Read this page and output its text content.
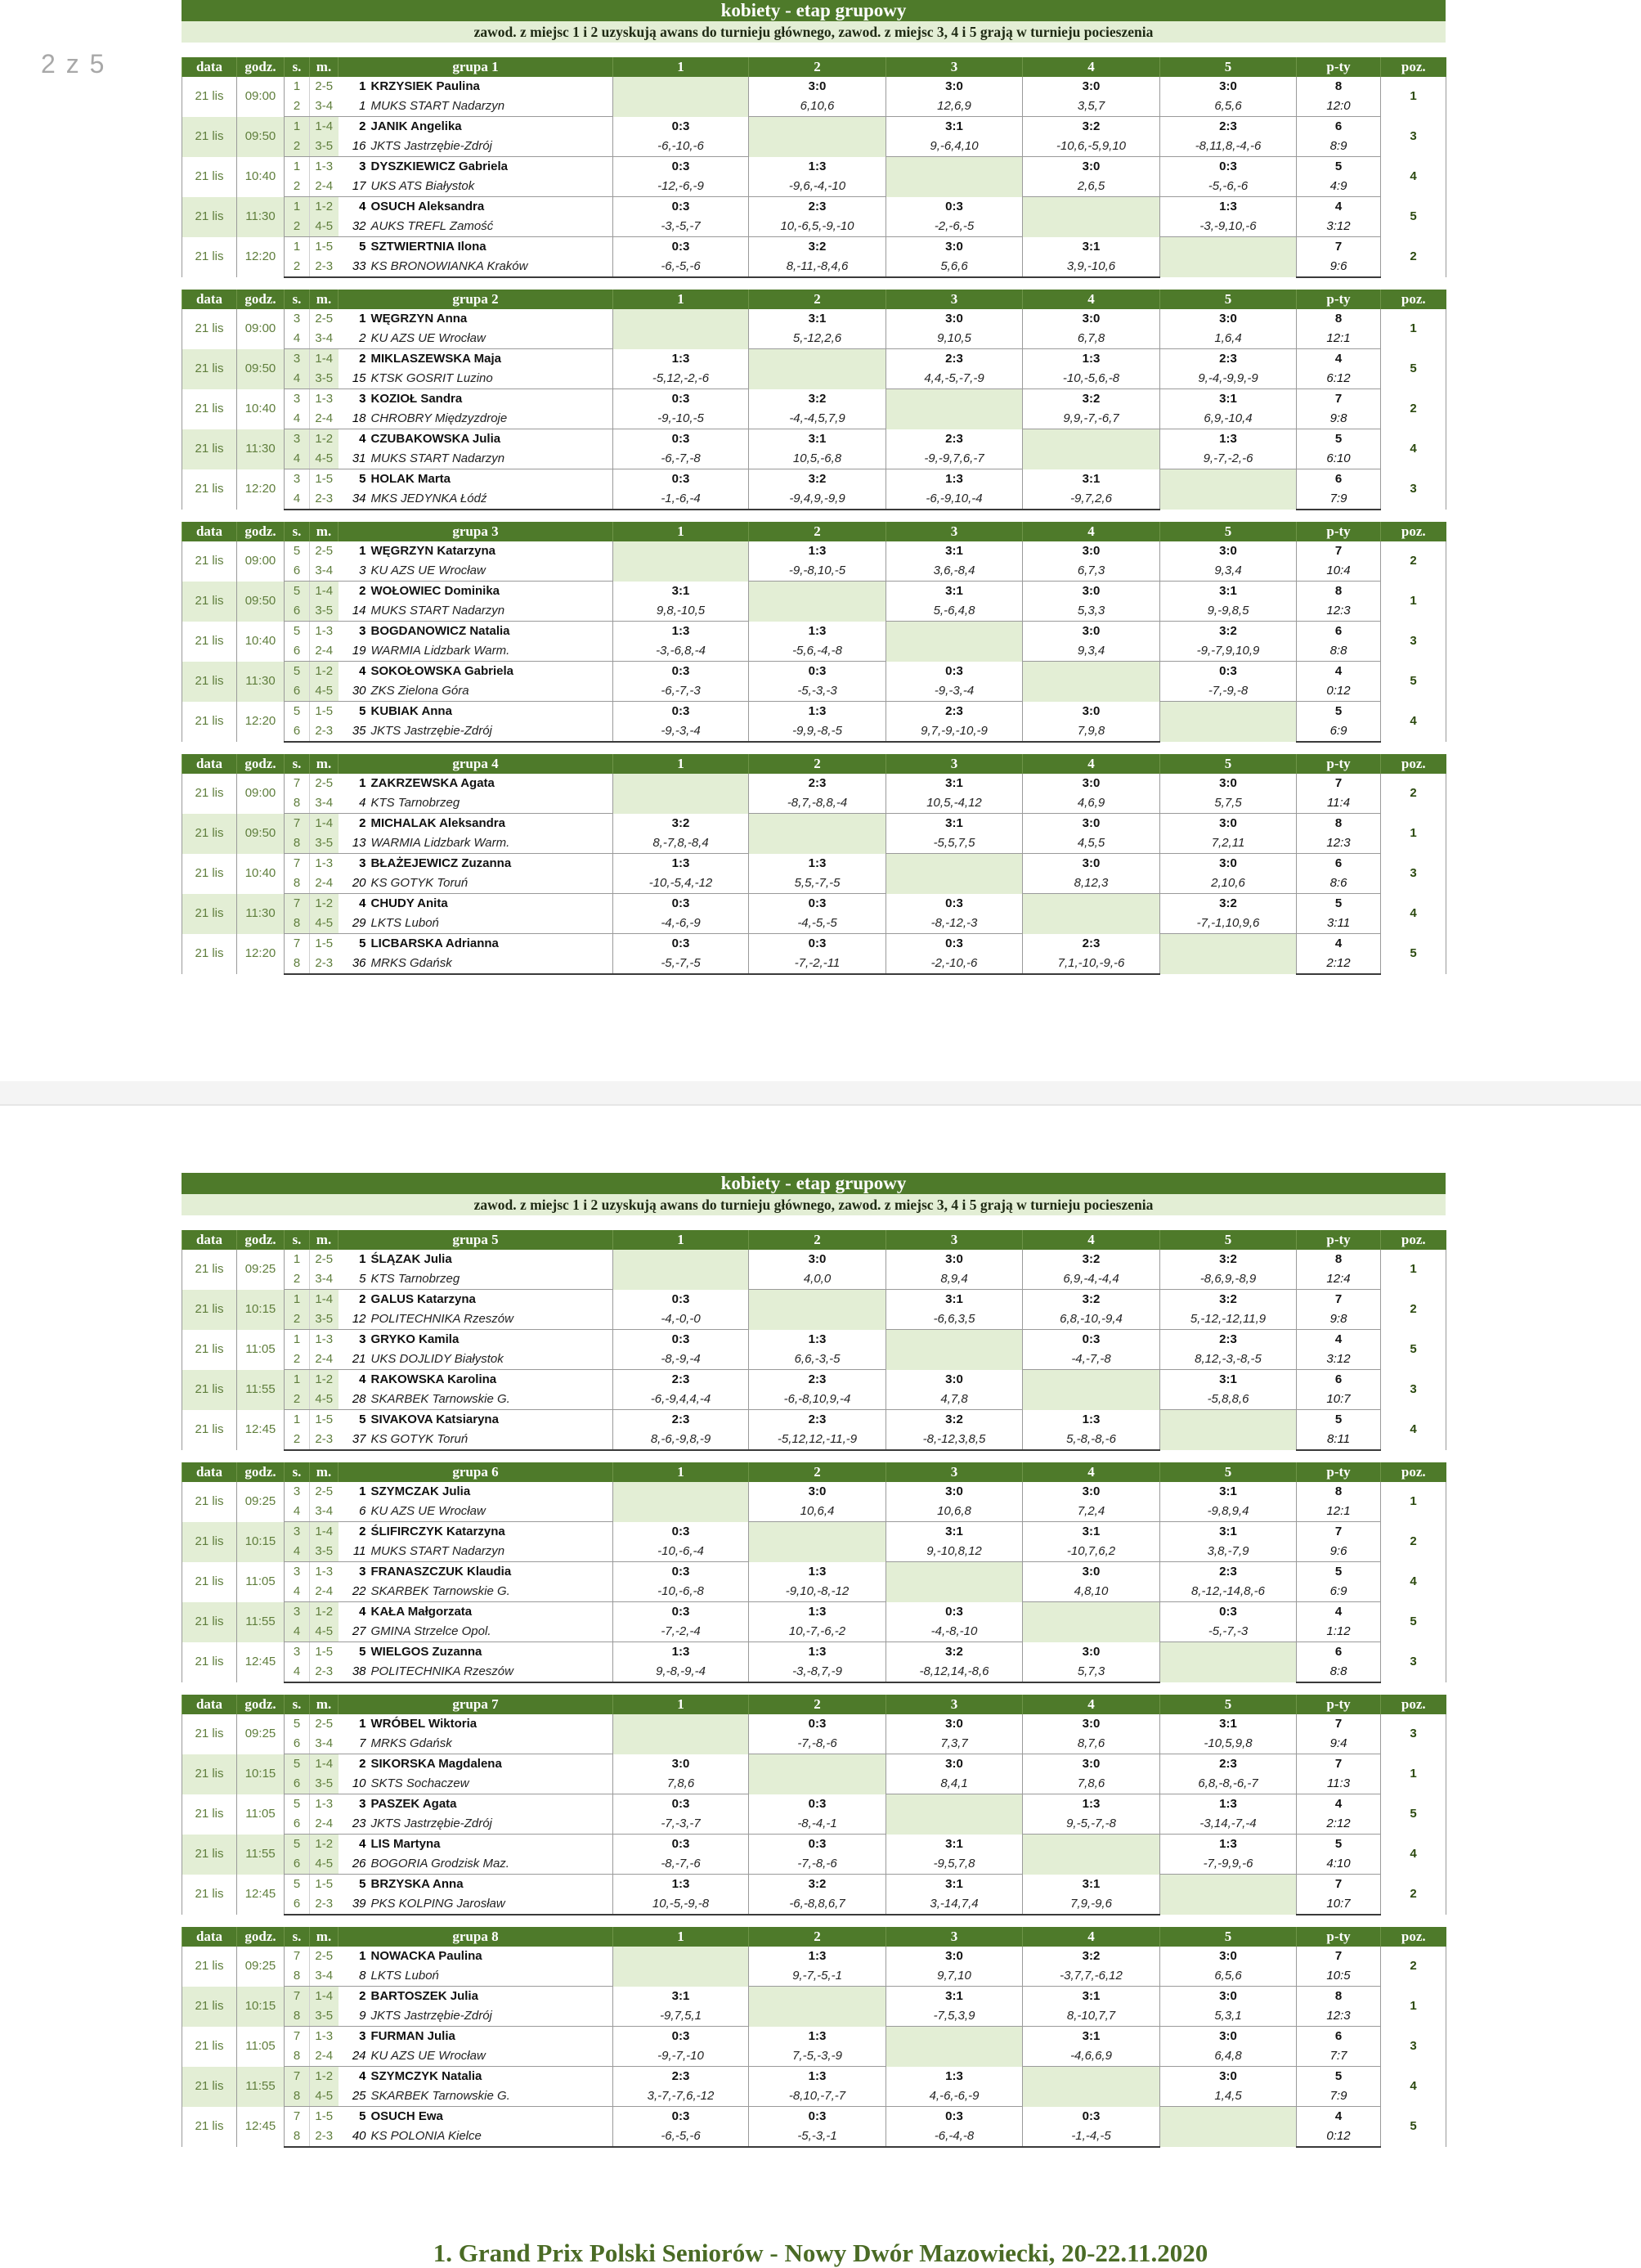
2 z 5
kobiety - etap grupowy
zawod. z miejsc 1 i 2 uzyskują awans do turnieju głównego, zawod. z miejsc 3, 4 i 5 grają w turnieju pocieszenia
data	godz.	s.	m.	grupa 1	1	2	3	4	5	p-ty	poz.
21 lis	09:00	1	2-5	1 KRZYSIEK Paulina		3:0	3:0	3:0	3:0	8	1
		2	3-4	1 MUKS START Nadarzyn		6,10,6	12,6,9	3,5,7	6,5,6	12:0	
21 lis	09:50	1	1-4	2 JANIK Angelika	0:3		3:1	3:2	2:3	6	3
		2	3-5	16 JKTS Jastrzębie-Zdrój	-6,-10,-6		9,-6,4,10	-10,6,-5,9,10	-8,11,8,-4,-6	8:9	
21 lis	10:40	1	1-3	3 DYSZKIEWICZ Gabriela	0:3	1:3		3:0	0:3	5	4
		2	2-4	17 UKS ATS Białystok	-12,-6,-9	-9,6,-4,-10		2,6,5	-5,-6,-6	4:9	
21 lis	11:30	1	1-2	4 OSUCH Aleksandra	0:3	2:3	0:3		1:3	4	5
		2	4-5	32 AUKS TREFL Zamość	-3,-5,-7	10,-6,5,-9,-10	-2,-6,-5		-3,-9,10,-6	3:12	
21 lis	12:20	1	1-5	5 SZTWIERTNIA Ilona	0:3	3:2	3:0	3:1		7	2
		2	2-3	33 KS BRONOWIANKA Kraków	-6,-5,-6	8,-11,-8,4,6	5,6,6	3,9,-10,6		9:6	
data	godz.	s.	m.	grupa 2	1	2	3	4	5	p-ty	poz.
21 lis	09:00	3	2-5	1 WĘGRZYN Anna		3:1	3:0	3:0	3:0	8	1
		4	3-4	2 KU AZS UE Wrocław		5,-12,2,6	9,10,5	6,7,8	1,6,4	12:1	
21 lis	09:50	3	1-4	2 MIKLASZEWSKA Maja	1:3		2:3	1:3	2:3	4	5
		4	3-5	15 KTSK GOSRIT Luzino	-5,12,-2,-6		4,4,-5,-7,-9	-10,-5,6,-8	9,-4,-9,9,-9	6:12	
21 lis	10:40	3	1-3	3 KOZIOŁ Sandra	0:3	3:2		3:2	3:1	7	2
		4	2-4	18 CHROBRY Międzyzdroje	-9,-10,-5	-4,-4,5,7,9		9,9,-7,-6,7	6,9,-10,4	9:8	
21 lis	11:30	3	1-2	4 CZUBAKOWSKA Julia	0:3	3:1	2:3		1:3	5	4
		4	4-5	31 MUKS START Nadarzyn	-6,-7,-8	10,5,-6,8	-9,-9,7,6,-7		9,-7,-2,-6	6:10	
21 lis	12:20	3	1-5	5 HOLAK Marta	0:3	3:2	1:3	3:1		6	3
		4	2-3	34 MKS JEDYNKA Łódź	-1,-6,-4	-9,4,9,-9,9	-6,-9,10,-4	-9,7,2,6		7:9	
data	godz.	s.	m.	grupa 3	1	2	3	4	5	p-ty	poz.
21 lis	09:00	5	2-5	1 WĘGRZYN Katarzyna		1:3	3:1	3:0	3:0	7	2
		6	3-4	3 KU AZS UE Wrocław		-9,-8,10,-5	3,6,-8,4	6,7,3	9,3,4	10:4	
21 lis	09:50	5	1-4	2 WOŁOWIEC Dominika	3:1		3:1	3:0	3:1	8	1
		6	3-5	14 MUKS START Nadarzyn	9,8,-10,5		5,-6,4,8	5,3,3	9,-9,8,5	12:3	
21 lis	10:40	5	1-3	3 BOGDANOWICZ Natalia	1:3	1:3		3:0	3:2	6	3
		6	2-4	19 WARMIA Lidzbark Warm.	-3,-6,8,-4	-5,6,-4,-8		9,3,4	-9,-7,9,10,9	8:8	
21 lis	11:30	5	1-2	4 SOKOŁOWSKA Gabriela	0:3	0:3	0:3		0:3	4	5
		6	4-5	30 ZKS Zielona Góra	-6,-7,-3	-5,-3,-3	-9,-3,-4		-7,-9,-8	0:12	
21 lis	12:20	5	1-5	5 KUBIAK Anna	0:3	1:3	2:3	3:0		5	4
		6	2-3	35 JKTS Jastrzębie-Zdrój	-9,-3,-4	-9,9,-8,-5	9,7,-9,-10,-9	7,9,8		6:9	
data	godz.	s.	m.	grupa 4	1	2	3	4	5	p-ty	poz.
21 lis	09:00	7	2-5	1 ZAKRZEWSKA Agata		2:3	3:1	3:0	3:0	7	2
		8	3-4	4 KTS Tarnobrzeg		-8,7,-8,8,-4	10,5,-4,12	4,6,9	5,7,5	11:4	
21 lis	09:50	7	1-4	2 MICHALAK Aleksandra	3:2		3:1	3:0	3:0	8	1
		8	3-5	13 WARMIA Lidzbark Warm.	8,-7,8,-8,4		-5,5,7,5	4,5,5	7,2,11	12:3	
21 lis	10:40	7	1-3	3 BŁAŻEJEWICZ Zuzanna	1:3	1:3		3:0	3:0	6	3
		8	2-4	20 KS GOTYK Toruń	-10,-5,4,-12	5,5,-7,-5		8,12,3	2,10,6	8:6	
21 lis	11:30	7	1-2	4 CHUDY Anita	0:3	0:3	0:3		3:2	5	4
		8	4-5	29 LKTS Luboń	-4,-6,-9	-4,-5,-5	-8,-12,-3		-7,-1,10,9,6	3:11	
21 lis	12:20	7	1-5	5 LICBARSKA Adrianna	0:3	0:3	0:3	2:3		4	5
		8	2-3	36 MRKS Gdańsk	-5,-7,-5	-7,-2,-11	-2,-10,-6	7,1,-10,-9,-6		2:12	
1. Grand Prix Polski Seniorów - Nowy Dwór Mazowiecki, 20-22.11.2020
kobiety - etap grupowy
zawod. z miejsc 1 i 2 uzyskują awans do turnieju głównego, zawod. z miejsc 3, 4 i 5 grają w turnieju pocieszenia
data	godz.	s.	m.	grupa 5	1	2	3	4	5	p-ty	poz.
21 lis	09:25	1	2-5	1 ŚLĄZAK Julia		3:0	3:0	3:2	3:2	8	1
		2	3-4	5 KTS Tarnobrzeg		4,0,0	8,9,4	6,9,-4,-4,4	-8,6,9,-8,9	12:4	
21 lis	10:15	1	1-4	2 GALUS Katarzyna	0:3		3:1	3:2	3:2	7	2
		2	3-5	12 POLITECHNIKA Rzeszów	-4,-0,-0		-6,6,3,5	6,8,-10,-9,4	5,-12,-12,11,9	9:8	
21 lis	11:05	1	1-3	3 GRYKO Kamila	0:3	1:3		0:3	2:3	4	5
		2	2-4	21 UKS DOJLIDY Białystok	-8,-9,-4	6,6,-3,-5		-4,-7,-8	8,12,-3,-8,-5	3:12	
21 lis	11:55	1	1-2	4 RAKOWSKA Karolina	2:3	2:3	3:0		3:1	6	3
		2	4-5	28 SKARBEK Tarnowskie G.	-6,-9,4,4,-4	-6,-8,10,9,-4	4,7,8		-5,8,8,6	10:7	
21 lis	12:45	1	1-5	5 SIVAKOVA Katsiaryna	2:3	2:3	3:2	1:3		5	4
		2	2-3	37 KS GOTYK Toruń	8,-6,-9,8,-9	-5,12,12,-11,-9	-8,-12,3,8,5	5,-8,-8,-6		8:11	
data	godz.	s.	m.	grupa 6	1	2	3	4	5	p-ty	poz.
21 lis	09:25	3	2-5	1 SZYMCZAK Julia		3:0	3:0	3:0	3:1	8	1
		4	3-4	6 KU AZS UE Wrocław		10,6,4	10,6,8	7,2,4	-9,8,9,4	12:1	
21 lis	10:15	3	1-4	2 ŚLIFIRCZYK Katarzyna	0:3		3:1	3:1	3:1	7	2
		4	3-5	11 MUKS START Nadarzyn	-10,-6,-4		9,-10,8,12	-10,7,6,2	3,8,-7,9	9:6	
21 lis	11:05	3	1-3	3 FRANASZCZUK Klaudia	0:3	1:3		3:0	2:3	5	4
		4	2-4	22 SKARBEK Tarnowskie G.	-10,-6,-8	-9,10,-8,-12		4,8,10	8,-12,-14,8,-6	6:9	
21 lis	11:55	3	1-2	4 KAŁA Małgorzata	0:3	1:3	0:3		0:3	4	5
		4	4-5	27 GMINA Strzelce Opol.	-7,-2,-4	10,-7,-6,-2	-4,-8,-10		-5,-7,-3	1:12	
21 lis	12:45	3	1-5	5 WIELGOS Zuzanna	1:3	1:3	3:2	3:0		6	3
		4	2-3	38 POLITECHNIKA Rzeszów	9,-8,-9,-4	-3,-8,7,-9	-8,12,14,-8,6	5,7,3		8:8	
data	godz.	s.	m.	grupa 7	1	2	3	4	5	p-ty	poz.
21 lis	09:25	5	2-5	1 WRÓBEL Wiktoria		0:3	3:0	3:0	3:1	7	3
		6	3-4	7 MRKS Gdańsk		-7,-8,-6	7,3,7	8,7,6	-10,5,9,8	9:4	
21 lis	10:15	5	1-4	2 SIKORSKA Magdalena	3:0		3:0	3:0	2:3	7	1
		6	3-5	10 SKTS Sochaczew	7,8,6		8,4,1	7,8,6	6,8,-8,-6,-7	11:3	
21 lis	11:05	5	1-3	3 PASZEK Agata	0:3	0:3		1:3	1:3	4	5
		6	2-4	23 JKTS Jastrzębie-Zdrój	-7,-3,-7	-8,-4,-1		9,-5,-7,-8	-3,14,-7,-4	2:12	
21 lis	11:55	5	1-2	4 LIS Martyna	0:3	0:3	3:1		1:3	5	4
		6	4-5	26 BOGORIA Grodzisk Maz.	-8,-7,-6	-7,-8,-6	-9,5,7,8		-7,-9,9,-6	4:10	
21 lis	12:45	5	1-5	5 BRZYSKA Anna	1:3	3:2	3:1	3:1		7	2
		6	2-3	39 PKS KOLPING Jarosław	10,-5,-9,-8	-6,-8,8,6,7	3,-14,7,4	7,9,-9,6		10:7	
data	godz.	s.	m.	grupa 8	1	2	3	4	5	p-ty	poz.
21 lis	09:25	7	2-5	1 NOWACKA Paulina		1:3	3:0	3:2	3:0	7	2
		8	3-4	8 LKTS Luboń		9,-7,-5,-1	9,7,10	-3,7,7,-6,12	6,5,6	10:5	
21 lis	10:15	7	1-4	2 BARTOSZEK Julia	3:1		3:1	3:1	3:0	8	1
		8	3-5	9 JKTS Jastrzębie-Zdrój	-9,7,5,1		-7,5,3,9	8,-10,7,7	5,3,1	12:3	
21 lis	11:05	7	1-3	3 FURMAN Julia	0:3	1:3		3:1	3:0	6	3
		8	2-4	24 KU AZS UE Wrocław	-9,-7,-10	7,-5,-3,-9		-4,6,6,9	6,4,8	7:7	
21 lis	11:55	7	1-2	4 SZYMCZYK Natalia	2:3	1:3	1:3		3:0	5	4
		8	4-5	25 SKARBEK Tarnowskie G.	3,-7,-7,6,-12	-8,10,-7,-7	4,-6,-6,-9		1,4,5	7:9	
21 lis	12:45	7	1-5	5 OSUCH Ewa	0:3	0:3	0:3	0:3		4	5
		8	2-3	40 KS POLONIA Kielce	-6,-5,-6	-5,-3,-1	-6,-4,-8	-1,-4,-5		0:12	
